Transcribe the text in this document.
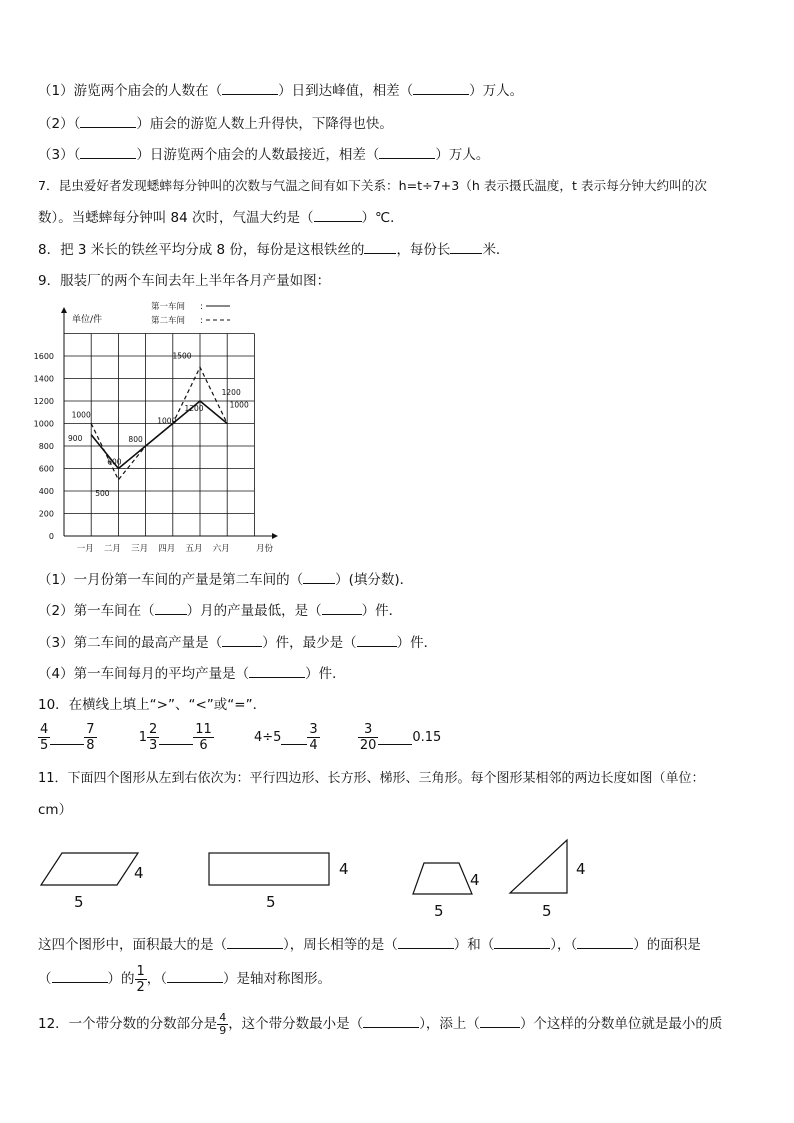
（1）游览两个庙会的人数在（	）日到达峰值，相差（	）万人。
（2）（	）庙会的游览人数上升得快，下降得也快。
（3）（	）日游览两个庙会的人数最接近，相差（	）万人。
7．昆虫爱好者发现蟋蟀每分钟叫的次数与气温之间有如下关系：h=t÷7+3（h 表示摄氏温度，t 表示每分钟大约叫的次
数）。当蟋蟀每分钟叫 84 次时，气温大约是（	）℃．
8．把 3 米长的铁丝平均分成 8 份，每份是这根铁丝的 ，每份长 米．
9．服装厂的两个车间去年上半年各月产量如图：
单位/件
月份
0
200
400
600
800
1000
1200
1400
1600
一月 二月 三月 四月 五月 六月
900
600
800
1000
1200
1000
500
1500
1000
1200
第一车间 :
第二车间 :
（1）一月份第一车间的产量是第二车间的（ ）(填分数)．
（2）第一车间在（ ）月的产量最低，是（	）件．
（3）第二车间的最高产量是（	）件，最少是（	）件．
（4）第一车间每月的平均产量是（	）件．
10．在横线上填上“>”、“<”或“=”．
$\frac{4}{5}$	$\frac{7}{8}$	$1 \frac{2}{3}$	$\frac{11}{6}$	$4\div 5 \frac{3}{4}$
	$\frac{3}{20}$	0.15
11．下面四个图形从左到右依次为：平行四边形、长方形、梯形、三角形。每个图形某相邻的两边长度如图（单位：
cm）
4
5
4
5
4
5
4
5
这四个图形中，面积最大的是（	），周长相等的是（	）和（	），（	）的面积是
（	）的 $\frac{1}{2}$ ，（	）是轴对称图形。
12．一个带分数的分数部分是 $\frac{4}{9}$ ，这个带分数最小是（	），添上（	）个这样的分数单位就是最小的质
